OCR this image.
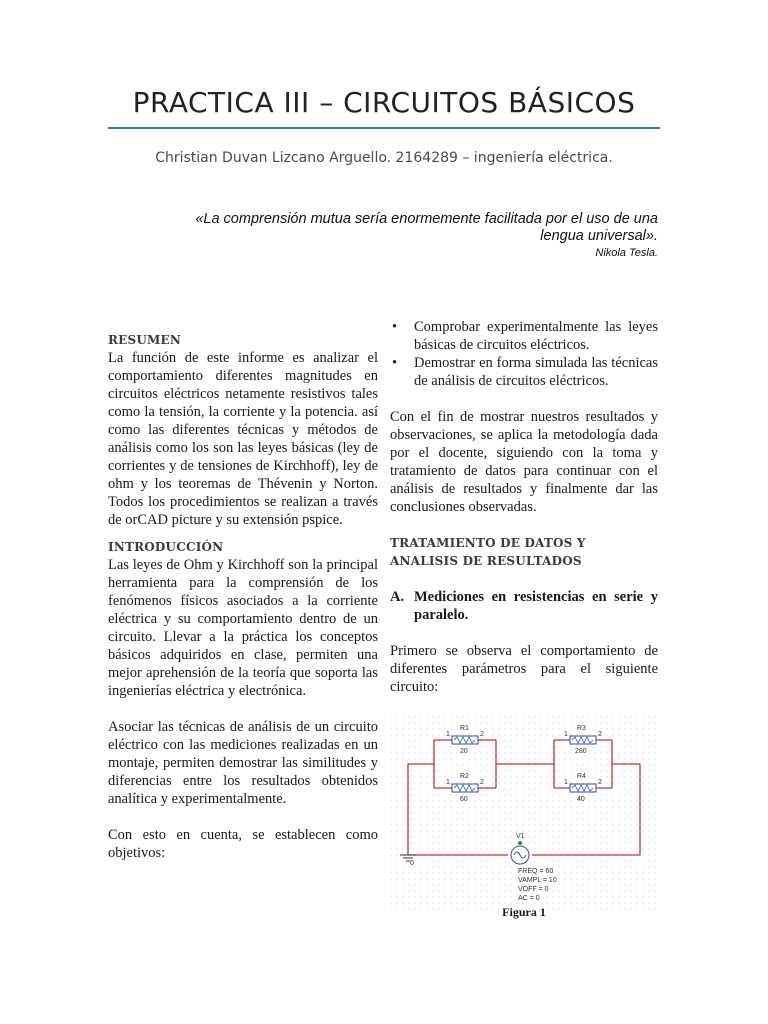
PRACTICA III – CIRCUITOS BÁSICOS
Christian Duvan Lizcano Arguello. 2164289 – ingeniería eléctrica.
«La comprensión mutua sería enormemente facilitada por el uso de una lengua universal».
Nikola Tesla.
RESUMEN

La función de este informe es analizar el comportamiento diferentes magnitudes en circuitos eléctricos netamente resistivos tales como la tensión, la corriente y la potencia. así como las diferentes técnicas y métodos de análisis como los son las leyes básicas (ley de corrientes y de tensiones de Kirchhoff), ley de ohm y los teoremas de Thévenin y Norton. Todos los procedimientos se realizan a través de orCAD picture y su extensión pspice.

INTRODUCCIÓN

Las leyes de Ohm y Kirchhoff son la principal herramienta para la comprensión de los fenómenos físicos asociados a la corriente eléctrica y su comportamiento dentro de un circuito. Llevar a la práctica los conceptos básicos adquiridos en clase, permiten una mejor aprehensión de la teoría que soporta las ingenierías eléctrica y electrónica.

Asociar las técnicas de análisis de un circuito eléctrico con las mediciones realizadas en un montaje, permiten demostrar las similitudes y diferencias entre los resultados obtenidos analítica y experimentalmente.

Con esto en cuenta, se establecen como objetivos:

• Comprobar experimentalmente las leyes básicas de circuitos eléctricos.
• Demostrar en forma simulada las técnicas de análisis de circuitos eléctricos.

Con el fin de mostrar nuestros resultados y observaciones, se aplica la metodología dada por el docente, siguiendo con la toma y tratamiento de datos para continuar con el análisis de resultados y finalmente dar las conclusiones observadas.

TRATAMIENTO DE DATOS Y
ANALISIS DE RESULTADOS
A. Mediciones en resistencias en serie y paralelo.

Primero se observa el comportamiento de diferentes parámetros para el siguiente circuito:

R1
20
1	2
R2
60
1	2
R3
280
1	2
R4
40
1	2
V1
FREQ = 60
VAMPL = 10
VOFF = 0
AC = 0
0
Figura 1
